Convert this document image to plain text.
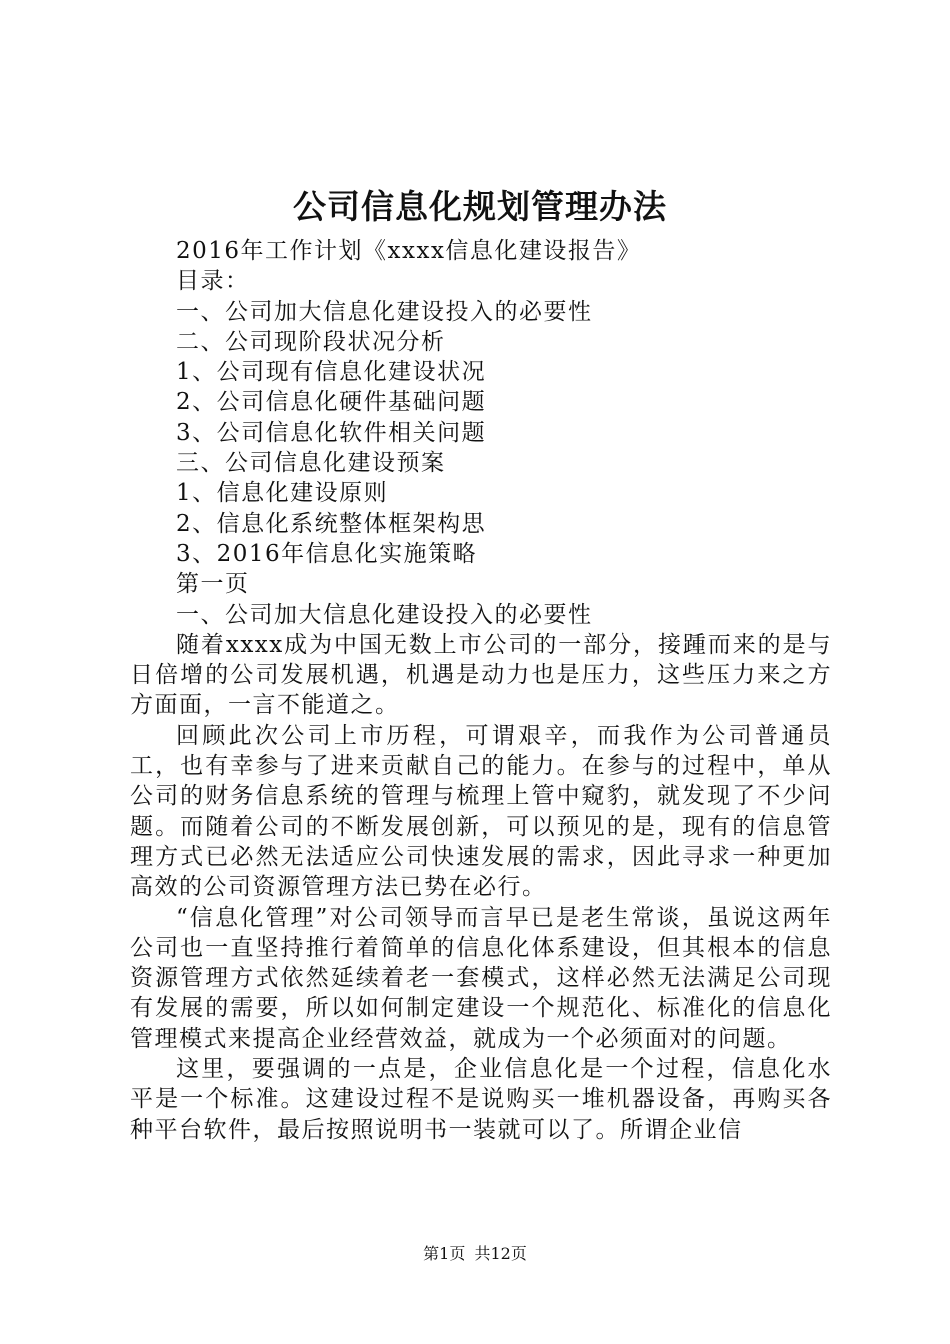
公司信息化规划管理办法

2016年工作计划《xxxx信息化建设报告》

目录：

一、公司加大信息化建设投入的必要性

二、公司现阶段状况分析

1、公司现有信息化建设状况

2、公司信息化硬件基础问题

3、公司信息化软件相关问题

三、公司信息化建设预案

1、信息化建设原则

2、信息化系统整体框架构思

3、2016年信息化实施策略

第一页

一、公司加大信息化建设投入的必要性

随着xxxx成为中国无数上市公司的一部分，接踵而来的是与日倍增的公司发展机遇，机遇是动力也是压力，这些压力来之方方面面，一言不能道之。

回顾此次公司上市历程，可谓艰辛，而我作为公司普通员工，也有幸参与了进来贡献自己的能力。在参与的过程中，单从公司的财务信息系统的管理与梳理上管中窥豹，就发现了不少问题。而随着公司的不断发展创新，可以预见的是，现有的信息管理方式已必然无法适应公司快速发展的需求，因此寻求一种更加高效的公司资源管理方法已势在必行。

“信息化管理”对公司领导而言早已是老生常谈，虽说这两年公司也一直坚持推行着简单的信息化体系建设，但其根本的信息资源管理方式依然延续着老一套模式，这样必然无法满足公司现有发展的需要，所以如何制定建设一个规范化、标准化的信息化管理模式来提高企业经营效益，就成为一个必须面对的问题。

这里，要强调的一点是，企业信息化是一个过程，信息化水平是一个标准。这建设过程不是说购买一堆机器设备，再购买各种平台软件，最后按照说明书一装就可以了。所谓企业信

第1页 共12页
